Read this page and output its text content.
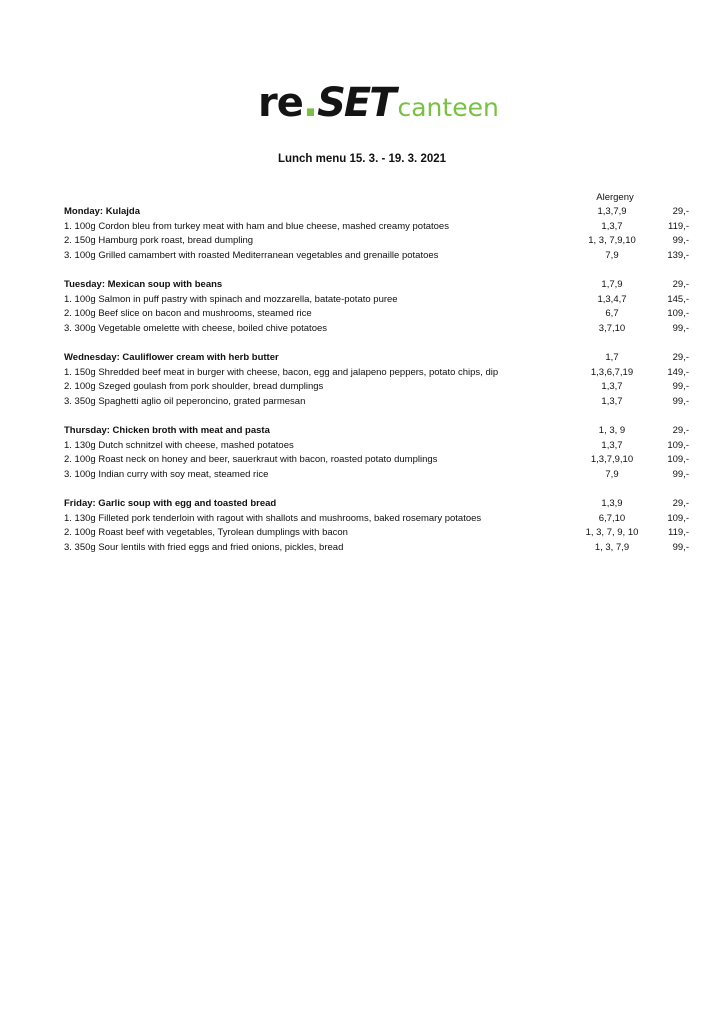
re.SET canteen
Lunch menu 15. 3. - 19. 3. 2021
Alergeny
Monday: Kulajda	1,3,7,9	29,-
1. 100g Cordon bleu from turkey meat with ham and blue cheese, mashed creamy potatoes	1,3,7	119,-
2. 150g Hamburg pork roast, bread dumpling	1, 3, 7,9,10	99,-
3. 100g Grilled camambert with roasted Mediterranean vegetables and grenaille potatoes	7,9	139,-
Tuesday: Mexican soup with beans	1,7,9	29,-
1. 100g Salmon in puff pastry with spinach and mozzarella, batate-potato puree	1,3,4,7	145,-
2. 100g Beef slice on bacon and mushrooms, steamed rice	6,7	109,-
3. 300g Vegetable omelette with cheese, boiled chive potatoes	3,7,10	99,-
Wednesday: Cauliflower cream with herb butter	1,7	29,-
1. 150g Shredded beef meat in burger with cheese, bacon, egg and jalapeno peppers, potato chips, dip	1,3,6,7,19	149,-
2. 100g Szeged goulash from pork shoulder, bread dumplings	1,3,7	99,-
3. 350g Spaghetti aglio oil peperoncino, grated parmesan	1,3,7	99,-
Thursday: Chicken broth with meat and pasta	1, 3, 9	29,-
1. 130g Dutch schnitzel with cheese, mashed potatoes	1,3,7	109,-
2. 100g Roast neck on honey and beer, sauerkraut with bacon, roasted potato dumplings	1,3,7,9,10	109,-
3. 100g Indian curry with soy meat, steamed rice	7,9	99,-
Friday: Garlic soup with egg and toasted bread	1,3,9	29,-
1. 130g Filleted pork tenderloin with ragout with shallots and mushrooms, baked rosemary potatoes	6,7,10	109,-
2. 100g Roast beef with vegetables, Tyrolean dumplings with bacon	1, 3, 7, 9, 10	119,-
3. 350g Sour lentils with fried eggs and fried onions, pickles, bread	1, 3, 7,9	99,-
